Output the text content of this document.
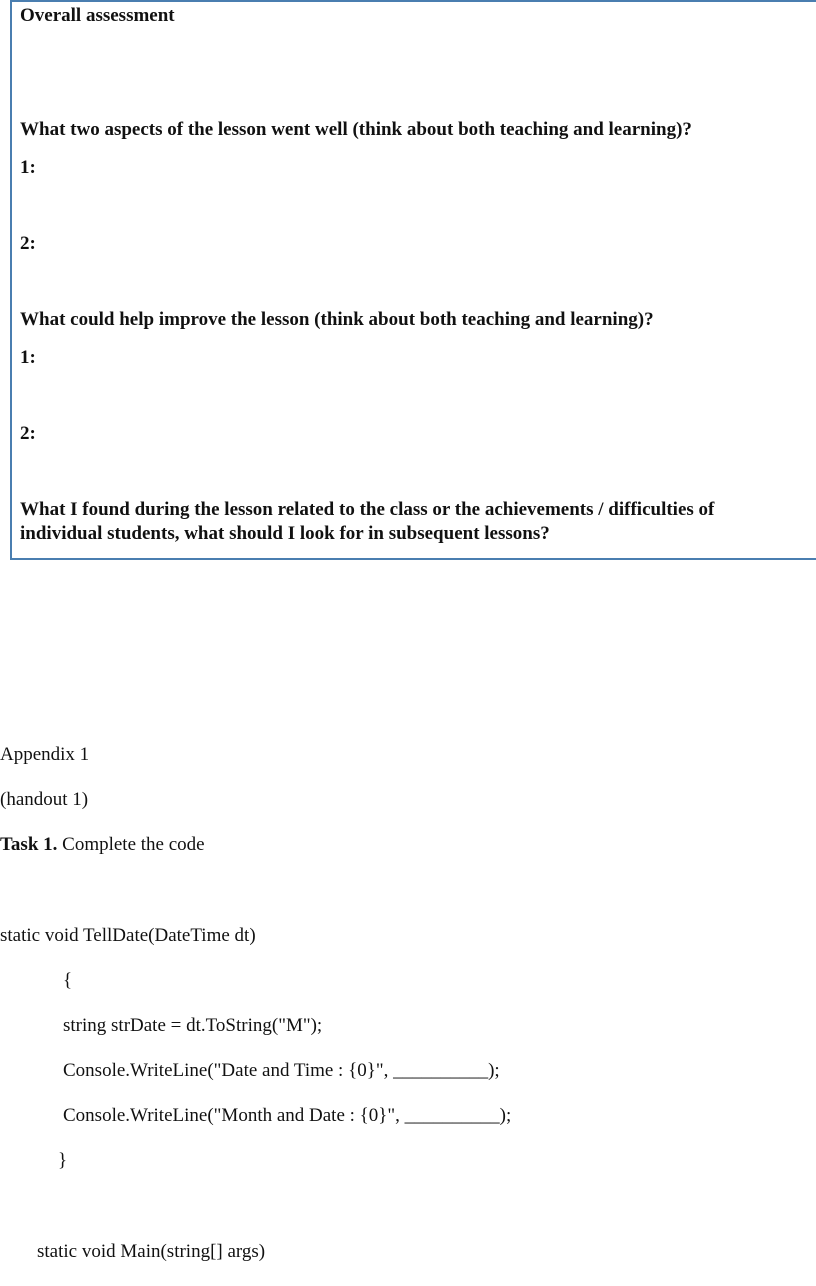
Overall assessment
What two aspects of the lesson went well (think about both teaching and learning)?
1:
2:
What could help improve the lesson (think about both teaching and learning)?
1:
2:
What I found during the lesson related to the class or the achievements / difficulties of
individual students, what should I look for in subsequent lessons?
Appendix 1
(handout 1)
Task 1. Complete the code
static void TellDate(DateTime dt)
{
string strDate = dt.ToString("M");
Console.WriteLine("Date and Time : {0}", __________);
Console.WriteLine("Month and Date : {0}", __________);
}
static void Main(string[] args)
